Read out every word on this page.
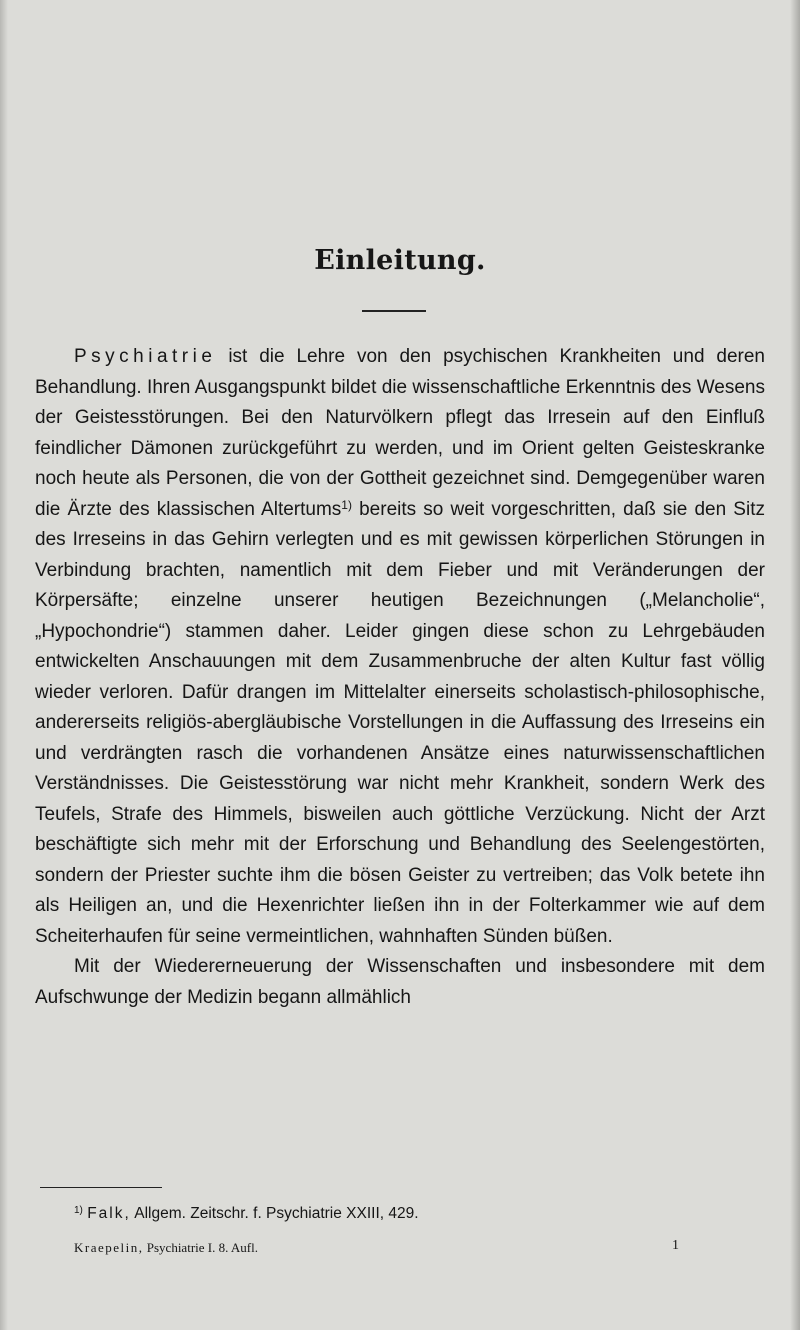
Einleitung.

Psychiatrie ist die Lehre von den psychischen Krankheiten und deren Behandlung. Ihren Ausgangspunkt bildet die wissenschaftliche Erkenntnis des Wesens der Geistesstörungen. Bei den Naturvölkern pflegt das Irresein auf den Einfluß feindlicher Dämonen zurückgeführt zu werden, und im Orient gelten Geisteskranke noch heute als Personen, die von der Gottheit gezeichnet sind. Demgegenüber waren die Ärzte des klassischen Altertums$^{1)}$ bereits so weit vorgeschritten, daß sie den Sitz des Irreseins in das Gehirn verlegten und es mit gewissen körperlichen Störungen in Verbindung brachten, namentlich mit dem Fieber und mit Veränderungen der Körpersäfte; einzelne unserer heutigen Bezeichnungen („Melancholie“, „Hypochondrie“) stammen daher. Leider gingen diese schon zu Lehrgebäuden entwickelten Anschauungen mit dem Zusammenbruche der alten Kultur fast völlig wieder verloren. Dafür drangen im Mittelalter einerseits scholastisch-philosophische, andererseits religiös-abergläubische Vorstellungen in die Auffassung des Irreseins ein und verdrängten rasch die vorhandenen Ansätze eines naturwissenschaftlichen Verständnisses. Die Geistesstörung war nicht mehr Krankheit, sondern Werk des Teufels, Strafe des Himmels, bisweilen auch göttliche Verzückung. Nicht der Arzt beschäftigte sich mehr mit der Erforschung und Behandlung des Seelengestörten, sondern der Priester suchte ihm die bösen Geister zu vertreiben; das Volk betete ihn als Heiligen an, und die Hexenrichter ließen ihn in der Folterkammer wie auf dem Scheiterhaufen für seine vermeintlichen, wahnhaften Sünden büßen.

Mit der Wiedererneuerung der Wissenschaften und insbesondere mit dem Aufschwunge der Medizin begann allmählich

$^{1)}$ Falk, Allgem. Zeitschr. f. Psychiatrie XXIII, 429.
Kraepelin, Psychiatrie I. 8. Aufl.	1
